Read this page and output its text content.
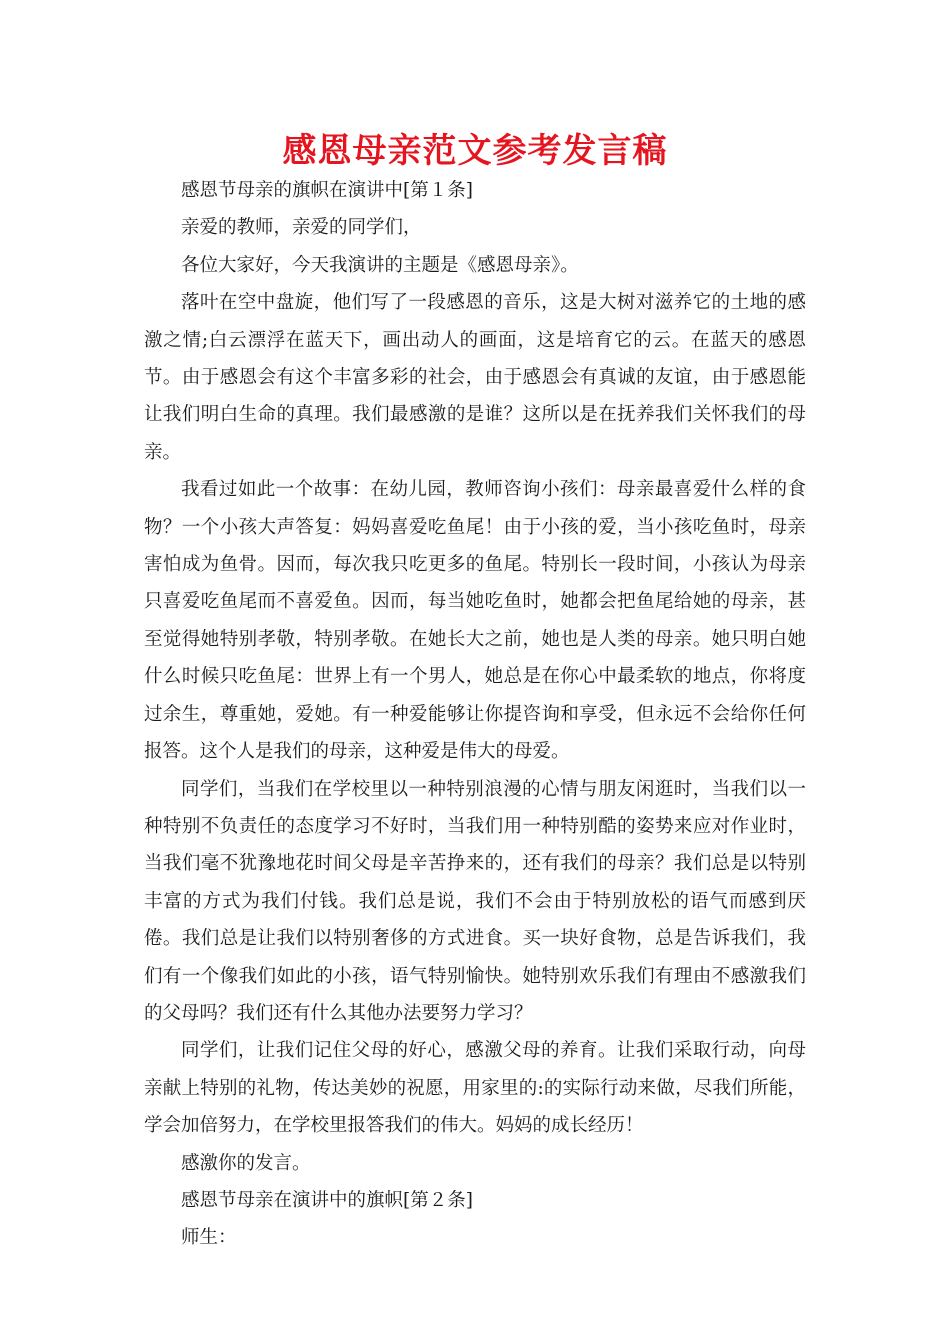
感恩母亲范文参考发言稿

感恩节母亲的旗帜在演讲中[第１条]

亲爱的教师，亲爱的同学们，

各位大家好，今天我演讲的主题是《感恩母亲》。

落叶在空中盘旋，他们写了一段感恩的音乐，这是大树对滋养它的土地的感激之情;白云漂浮在蓝天下，画出动人的画面，这是培育它的云。在蓝天的感恩节。由于感恩会有这个丰富多彩的社会，由于感恩会有真诚的友谊，由于感恩能让我们明白生命的真理。我们最感激的是谁？这所以是在抚养我们关怀我们的母亲。

我看过如此一个故事：在幼儿园，教师咨询小孩们：母亲最喜爱什么样的食物？一个小孩大声答复：妈妈喜爱吃鱼尾！由于小孩的爱，当小孩吃鱼时，母亲害怕成为鱼骨。因而，每次我只吃更多的鱼尾。特别长一段时间，小孩认为母亲只喜爱吃鱼尾而不喜爱鱼。因而，每当她吃鱼时，她都会把鱼尾给她的母亲，甚至觉得她特别孝敬，特别孝敬。在她长大之前，她也是人类的母亲。她只明白她什么时候只吃鱼尾：世界上有一个男人，她总是在你心中最柔软的地点，你将度过余生，尊重她，爱她。有一种爱能够让你提咨询和享受，但永远不会给你任何报答。这个人是我们的母亲，这种爱是伟大的母爱。

同学们，当我们在学校里以一种特别浪漫的心情与朋友闲逛时，当我们以一种特别不负责任的态度学习不好时，当我们用一种特别酷的姿势来应对作业时，当我们毫不犹豫地花时间父母是辛苦挣来的，还有我们的母亲？我们总是以特别丰富的方式为我们付钱。我们总是说，我们不会由于特别放松的语气而感到厌倦。我们总是让我们以特别奢侈的方式进食。买一块好食物，总是告诉我们，我们有一个像我们如此的小孩，语气特别愉快。她特别欢乐我们有理由不感激我们的父母吗？我们还有什么其他办法要努力学习？

同学们，让我们记住父母的好心，感激父母的养育。让我们采取行动，向母亲献上特别的礼物，传达美妙的祝愿，用家里的:的实际行动来做，尽我们所能，学会加倍努力，在学校里报答我们的伟大。妈妈的成长经历！

感激你的发言。

感恩节母亲在演讲中的旗帜[第２条]

师生：
